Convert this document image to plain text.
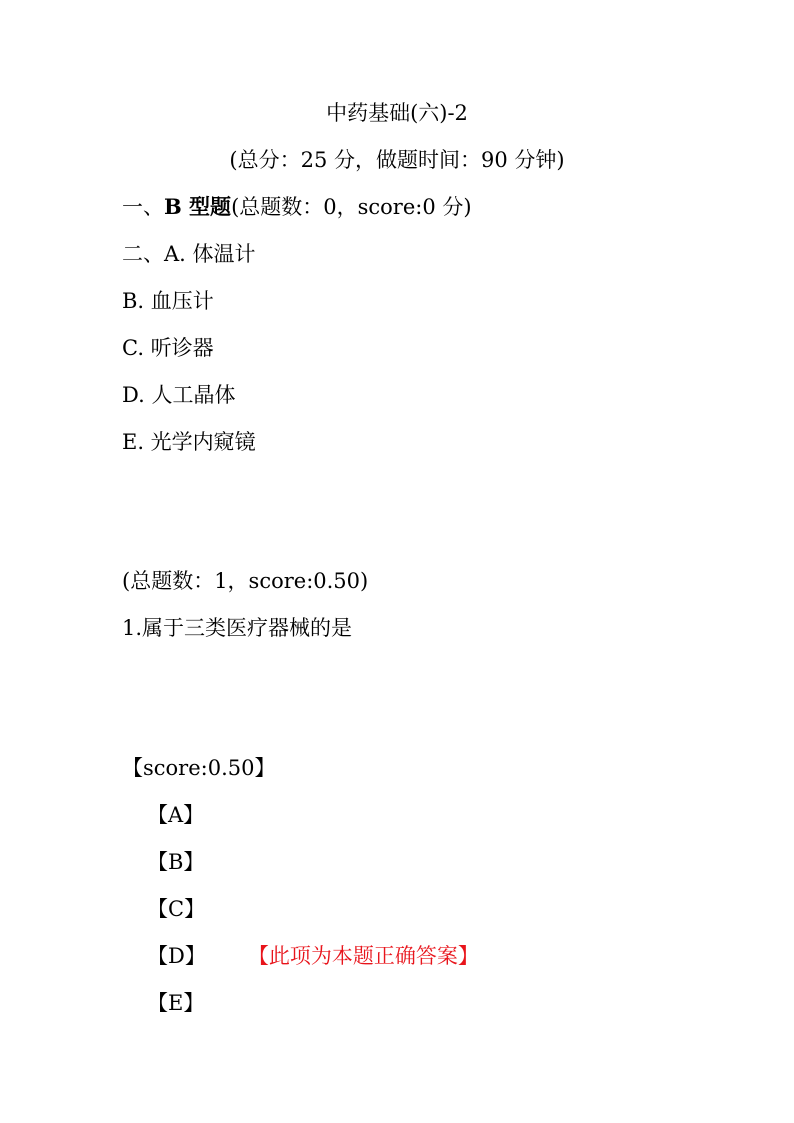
中药基础(六)-2
(总分：25 分，做题时间：90 分钟)
一、B 型题(总题数：0，score:0 分)
二、A. 体温计
B. 血压计
C. 听诊器
D. 人工晶体
E. 光学内窥镜
(总题数：1，score:0.50)
1.属于三类医疗器械的是
【score:0.50】
【A】
【B】
【C】
【D】 【此项为本题正确答案】
【E】
